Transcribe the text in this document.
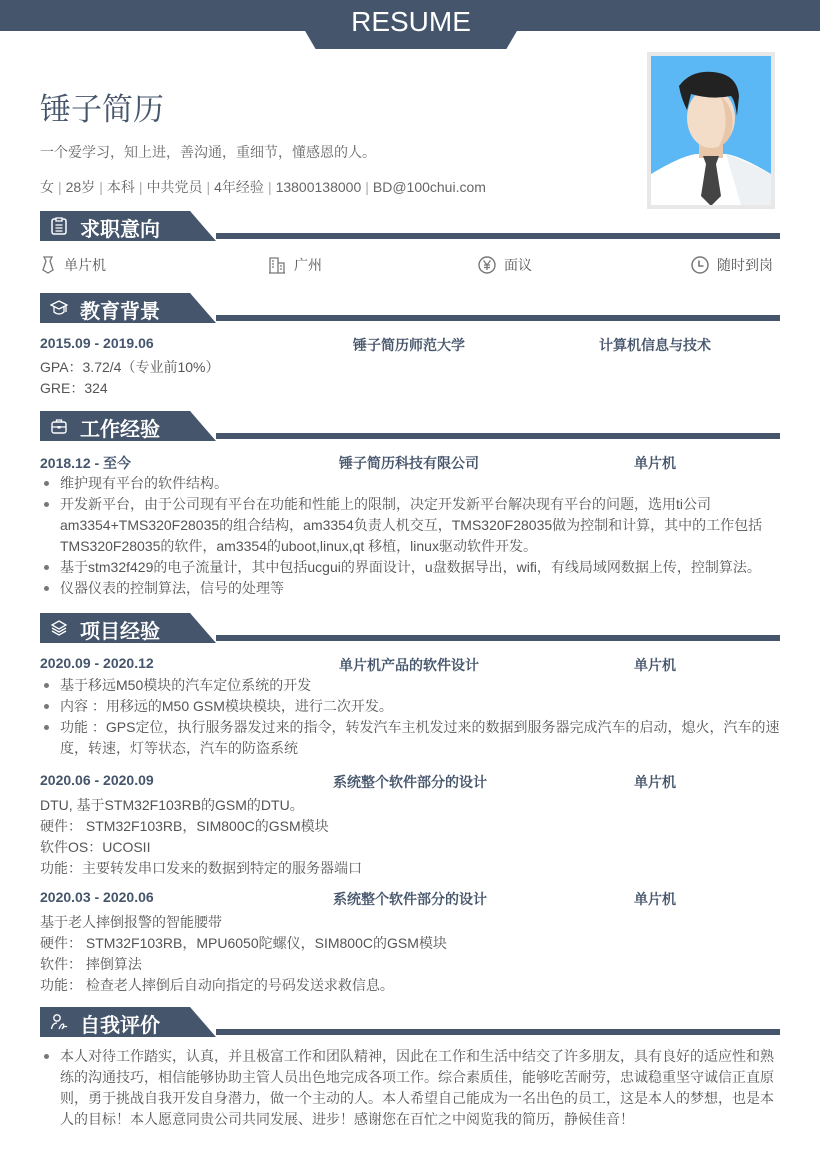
RESUME
锤子简历
一个爱学习，知上进，善沟通，重细节，懂感恩的人。
女 | 28岁 | 本科 | 中共党员 | 4年经验 | 13800138000 | BD@100chui.com
求职意向
单片机	广州	面议	随时到岗
教育背景
2015.09 - 2019.06	锤子简历师范大学	计算机信息与技术
GPA：3.72/4（专业前10%）
GRE：324
工作经验
2018.12 - 至今	锤子简历科技有限公司	单片机
维护现有平台的软件结构。
开发新平台，由于公司现有平台在功能和性能上的限制，决定开发新平台解决现有平台的问题，选用ti公司am3354+TMS320F28035的组合结构，am3354负责人机交互，TMS320F28035做为控制和计算，其中的工作包括TMS320F28035的软件，am3354的uboot,linux,qt 移植，linux驱动软件开发。
基于stm32f429的电子流量计，其中包括ucgui的界面设计，u盘数据导出，wifi，有线局域网数据上传，控制算法。
仪器仪表的控制算法，信号的处理等
项目经验
2020.09 - 2020.12	单片机产品的软件设计	单片机
基于移远M50模块的汽车定位系统的开发
内容 ：用移远的M50 GSM模块模块，进行二次开发。
功能 ：GPS定位，执行服务器发过来的指令，转发汽车主机发过来的数据到服务器完成汽车的启动，熄火，汽车的速度，转速，灯等状态，汽车的防盗系统
2020.06 - 2020.09	系统整个软件部分的设计	单片机
DTU, 基于STM32F103RB的GSM的DTU。
硬件： STM32F103RB，SIM800C的GSM模块
软件OS：UCOSII
功能：主要转发串口发来的数据到特定的服务器端口
2020.03 - 2020.06	系统整个软件部分的设计	单片机
基于老人摔倒报警的智能腰带
硬件： STM32F103RB，MPU6050陀螺仪，SIM800C的GSM模块
软件： 摔倒算法
功能： 检查老人摔倒后自动向指定的号码发送求救信息。
自我评价
本人对待工作踏实，认真，并且极富工作和团队精神，因此在工作和生活中结交了许多朋友，具有良好的适应性和熟练的沟通技巧，相信能够协助主管人员出色地完成各项工作。综合素质佳，能够吃苦耐劳，忠诚稳重坚守诚信正直原则，勇于挑战自我开发自身潜力，做一个主动的人。本人希望自己能成为一名出色的员工，这是本人的梦想，也是本人的目标！本人愿意同贵公司共同发展、进步！感谢您在百忙之中阅览我的简历，静候佳音！
